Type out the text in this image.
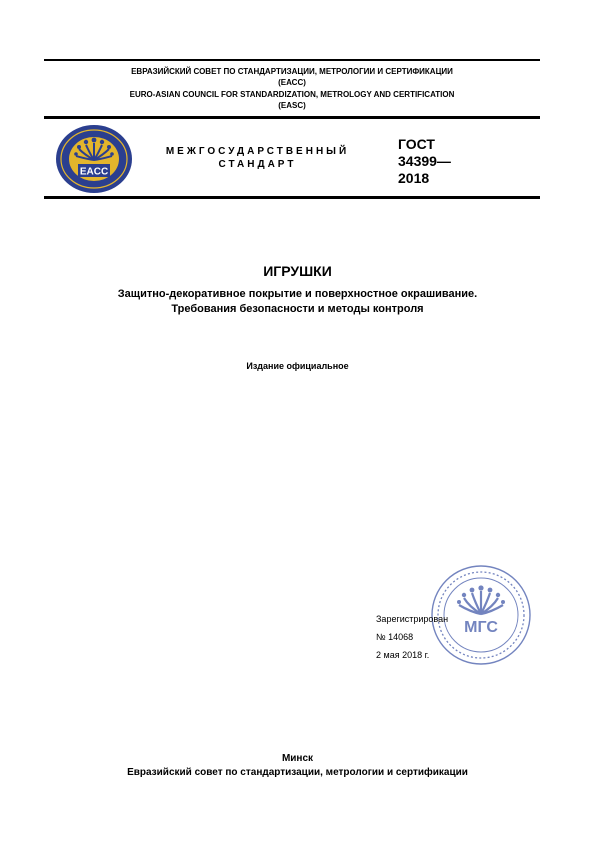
ЕВРАЗИЙСКИЙ СОВЕТ ПО СТАНДАРТИЗАЦИИ, МЕТРОЛОГИИ И СЕРТИФИКАЦИИ
(ЕАСС)
EURO-ASIAN COUNCIL FOR STANDARDIZATION, METROLOGY AND CERTIFICATION
(EASC)
EACC
МЕЖГОСУДАРСТВЕННЫЙ
СТАНДАРТ
ГОСТ
34399—
2018
ИГРУШКИ
Защитно-декоративное покрытие и поверхностное окрашивание.
Требования безопасности и методы контроля
Издание официальное
МГС
Зарегистрирован
№ 14068
2 мая 2018 г.
Минск
Евразийский совет по стандартизации, метрологии и сертификации
